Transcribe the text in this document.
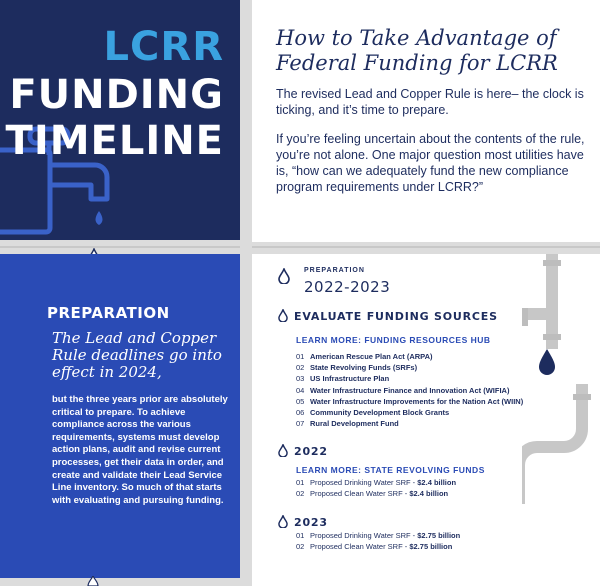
LCRR
FUNDING
TIMELINE
How to Take Advantage of Federal Funding for LCRR
The revised Lead and Copper Rule is here– the clock is ticking, and it’s time to prepare.
If you’re feeling uncertain about the contents of the rule, you’re not alone. One major question most utilities have is, “how can we adequately fund the new compliance program requirements under LCRR?”
PREPARATION
The Lead and Copper Rule deadlines go into effect in 2024,
but the three years prior are absolutely critical to prepare. To achieve compliance across the various requirements, systems must develop action plans, audit and revise current processes, get their data in order, and create and validate their Lead Service Line inventory. So much of that starts with evaluating and pursuing funding.
PREPARATION
2022-2023
EVALUATE FUNDING SOURCES
LEARN MORE: FUNDING RESOURCES HUB
01 American Rescue Plan Act (ARPA)
02 State Revolving Funds (SRFs)
03 US Infrastructure Plan
04 Water Infrastructure Finance and Innovation Act (WIFIA)
05 Water Infrastructure Improvements for the Nation Act (WIIN)
06 Community Development Block Grants
07 Rural Development Fund
2022
LEARN MORE: STATE REVOLVING FUNDS
01 Proposed Drinking Water SRF - $2.4 billion
02 Proposed Clean Water SRF - $2.4 billion
2023
01 Proposed Drinking Water SRF - $2.75 billion
02 Proposed Clean Water SRF - $2.75 billion
